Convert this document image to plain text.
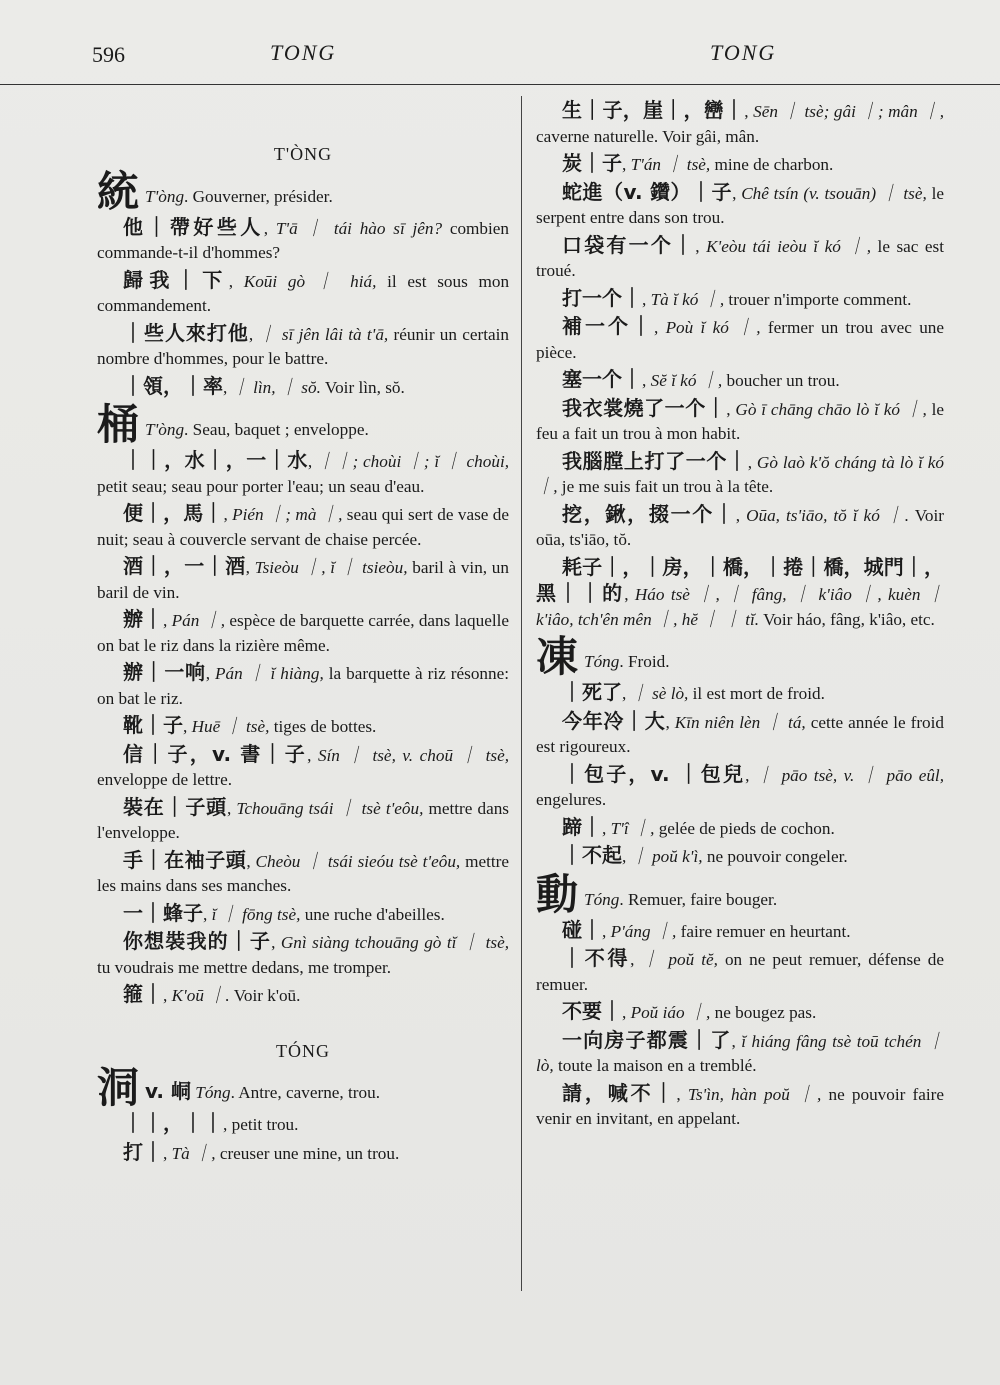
596	TONG	TONG
T'ÒNG

統 T'òng. Gouverner, présider.

他｜帶好些人, T'ā ｜ tái hào sī jên? combien commande-t-il d'hommes?

歸我｜下, Koūi gò ｜ hiá, il est sous mon commandement.

｜些人來打他, ｜ sī jên lâi tà t'ā, réunir un certain nombre d'hommes, pour le battre.

｜領，｜率, ｜ lìn, ｜ sŏ. Voir lìn, sŏ.

桶 T'òng. Seau, baquet ; enveloppe.

｜｜，水｜，一｜水, ｜｜; choùi ｜; ĭ ｜ choùi, petit seau; seau pour porter l'eau; un seau d'eau.

便｜，馬｜, Pién ｜; mà ｜, seau qui sert de vase de nuit; seau à couvercle servant de chaise percée.

酒｜，一｜酒, Tsieòu ｜, ĭ ｜ tsieòu, baril à vin, un baril de vin.

辦｜, Pán ｜, espèce de barquette carrée, dans laquelle on bat le riz dans la rizière même.

辦｜一响, Pán ｜ ĭ hiàng, la barquette à riz résonne: on bat le riz.

靴｜子, Huē ｜ tsè, tiges de bottes.

信｜子，v. 書｜子, Sín ｜ tsè, v. choū ｜ tsè, enveloppe de lettre.

裝在｜子頭, Tchouāng tsái ｜ tsè t'eôu, mettre dans l'enveloppe.

手｜在袖子頭, Cheòu ｜ tsái sieóu tsè t'eôu, mettre les mains dans ses manches.

一｜蜂子, ĭ ｜ fōng tsè, une ruche d'abeilles.

你想裝我的｜子, Gnì siàng tchouāng gò tĭ ｜ tsè, tu voudrais me mettre dedans, me tromper.

箍｜, K'oū ｜. Voir k'oū.

TÓNG

洞v. 峒 Tóng. Antre, caverne, trou.

｜｜，｜｜, petit trou.

打｜, Tà ｜, creuser une mine, un trou.

生｜子，崖｜，巒｜, Sēn ｜ tsè; gâi ｜; mân ｜, caverne naturelle. Voir gâi, mân.

炭｜子, T'án ｜ tsè, mine de charbon.

蛇進（v. 鑽）｜子, Chê tsín (v. tsouān) ｜ tsè, le serpent entre dans son trou.

口袋有一个｜, K'eòu tái ieòu ĭ kó ｜, le sac est troué.

打一个｜, Tà ĭ kó ｜, trouer n'importe comment.

補一个｜, Poù ĭ kó ｜, fermer un trou avec une pièce.

塞一个｜, Sĕ ĭ kó ｜, boucher un trou.

我衣裳燒了一个｜, Gò ī chāng chāo lò ĭ kó ｜, le feu a fait un trou à mon habit.

我腦膛上打了一个｜, Gò laò k'ŏ cháng tà lò ĭ kó ｜, je me suis fait un trou à la tête.

挖，鍬，掇一个｜, Oūa, ts'iāo, tŏ ĭ kó ｜. Voir oūa, ts'iāo, tŏ.

耗子｜，｜房，｜橋，｜捲｜橋，城門｜，黑｜｜的, Háo tsè ｜, ｜ fâng, ｜ k'iâo ｜, kuèn ｜ k'iâo, tch'ên mên ｜, hĕ ｜ ｜ tĭ. Voir háo, fâng, k'iâo, etc.

凍 Tóng. Froid.

｜死了, ｜ sè lò, il est mort de froid.

今年冷｜大, Kīn niên lèn ｜ tá, cette année le froid est rigoureux.

｜包子，v. ｜包兒, ｜ pāo tsè, v. ｜ pāo eûl, engelures.

蹄｜, T'î ｜, gelée de pieds de cochon.

｜不起, ｜ poŭ k'ì, ne pouvoir congeler.

動 Tóng. Remuer, faire bouger.

碰｜, P'áng ｜, faire remuer en heurtant.

｜不得, ｜ poŭ tĕ, on ne peut remuer, défense de remuer.

不要｜, Poŭ iáo ｜, ne bougez pas.

一向房子都震｜了, ĭ hiáng fâng tsè toū tchén ｜ lò, toute la maison en a tremblé.

請，喊不｜, Ts'ìn, hàn poŭ ｜, ne pouvoir faire venir en invitant, en appelant.
